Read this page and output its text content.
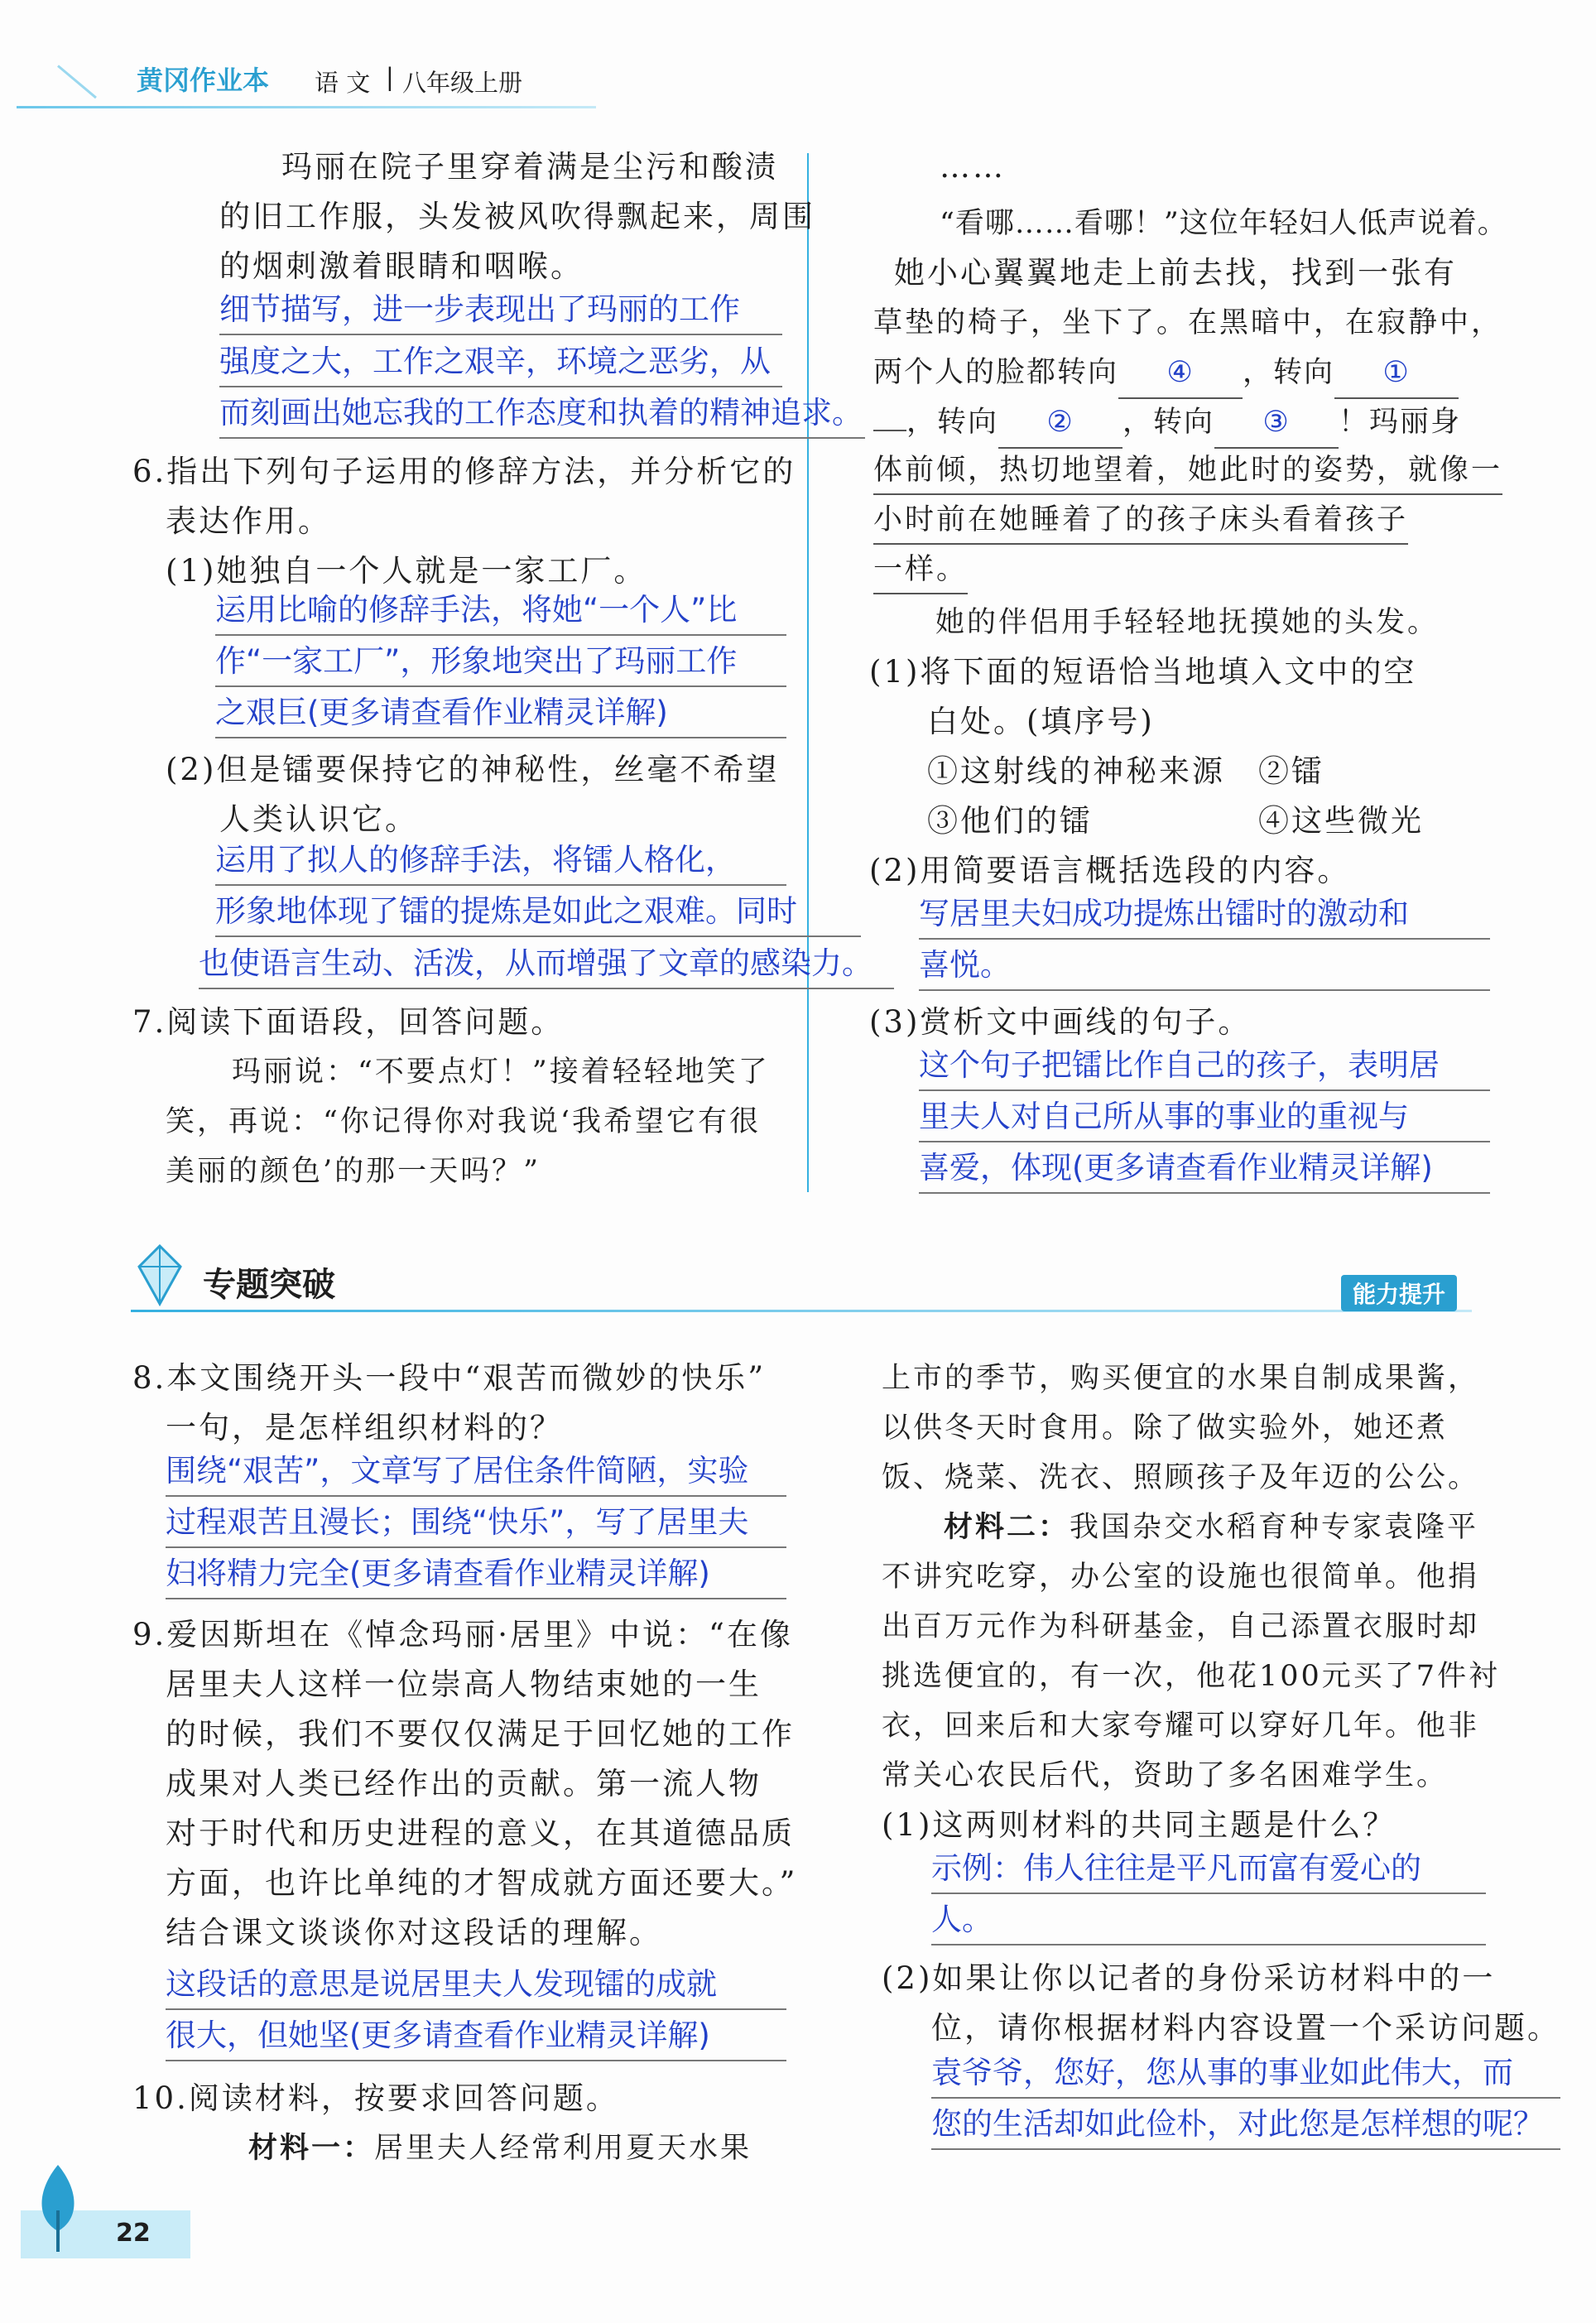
黄冈作业本 语 文 | 八年级上册
玛丽在院子里穿着满是尘污和酸渍
的旧工作服，头发被风吹得飘起来，周围
的烟刺激着眼睛和咽喉。
细节描写，进一步表现出了玛丽的工作
强度之大，工作之艰辛，环境之恶劣，从
而刻画出她忘我的工作态度和执着的精神追求。
6.指出下列句子运用的修辞方法，并分析它的
表达作用。
(1)她独自一个人就是一家工厂。
运用比喻的修辞手法，将她“一个人”比
作“一家工厂”，形象地突出了玛丽工作
之艰巨(更多请查看作业精灵详解)
(2)但是镭要保持它的神秘性，丝毫不希望
人类认识它。
运用了拟人的修辞手法，将镭人格化，
形象地体现了镭的提炼是如此之艰难。同时
也使语言生动、活泼，从而增强了文章的感染力。
7.阅读下面语段，回答问题。
玛丽说：“不要点灯！”接着轻轻地笑了
笑，再说：“你记得你对我说‘我希望它有很
美丽的颜色’的那一天吗？”
……
“看哪……看哪！”这位年轻妇人低声说着。
她小心翼翼地走上前去找，找到一张有
草垫的椅子，坐下了。在黑暗中，在寂静中，
两个人的脸都转向 ④ ，转向 ①
，转向 ② ，转向 ③ ！玛丽身
体前倾，热切地望着，她此时的姿势，就像一
小时前在她睡着了的孩子床头看着孩子
一样。
她的伴侣用手轻轻地抚摸她的头发。
(1)将下面的短语恰当地填入文中的空
白处。(填序号)
①这射线的神秘来源 ②镭
③他们的镭	④这些微光
(2)用简要语言概括选段的内容。
写居里夫妇成功提炼出镭时的激动和
喜悦。
(3)赏析文中画线的句子。
这个句子把镭比作自己的孩子，表明居
里夫人对自己所从事的事业的重视与
喜爱，体现(更多请查看作业精灵详解)
专题突破	能力提升
8.本文围绕开头一段中“艰苦而微妙的快乐”
一句，是怎样组织材料的？
围绕“艰苦”，文章写了居住条件简陋，实验
过程艰苦且漫长；围绕“快乐”，写了居里夫
妇将精力完全(更多请查看作业精灵详解)
9.爱因斯坦在《悼念玛丽·居里》中说：“在像
居里夫人这样一位崇高人物结束她的一生
的时候，我们不要仅仅满足于回忆她的工作
成果对人类已经作出的贡献。第一流人物
对于时代和历史进程的意义，在其道德品质
方面，也许比单纯的才智成就方面还要大。”
结合课文谈谈你对这段话的理解。
这段话的意思是说居里夫人发现镭的成就
很大，但她坚(更多请查看作业精灵详解)
10.阅读材料，按要求回答问题。
材料一：居里夫人经常利用夏天水果
上市的季节，购买便宜的水果自制成果酱，
以供冬天时食用。除了做实验外，她还煮
饭、烧菜、洗衣、照顾孩子及年迈的公公。
材料二：我国杂交水稻育种专家袁隆平
不讲究吃穿，办公室的设施也很简单。他捐
出百万元作为科研基金，自己添置衣服时却
挑选便宜的，有一次，他花100元买了7件衬
衣，回来后和大家夸耀可以穿好几年。他非
常关心农民后代，资助了多名困难学生。
(1)这两则材料的共同主题是什么？
示例：伟人往往是平凡而富有爱心的
人。
(2)如果让你以记者的身份采访材料中的一
位，请你根据材料内容设置一个采访问题。
袁爷爷，您好，您从事的事业如此伟大，而
您的生活却如此俭朴，对此您是怎样想的呢？
22
